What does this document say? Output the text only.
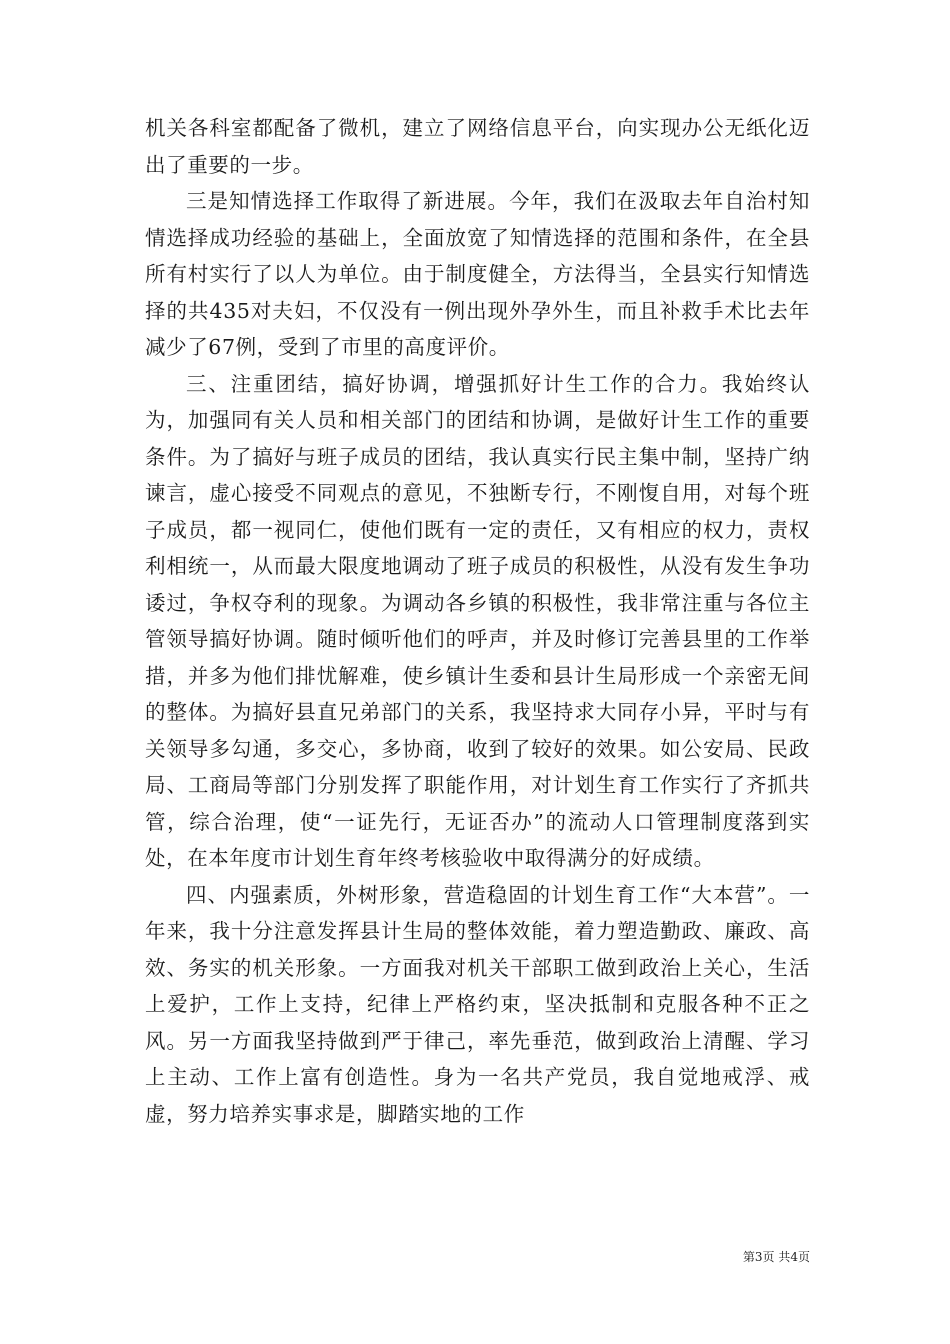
机关各科室都配备了微机，建立了网络信息平台，向实现办公无纸化迈出了重要的一步。

三是知情选择工作取得了新进展。今年，我们在汲取去年自治村知情选择成功经验的基础上，全面放宽了知情选择的范围和条件，在全县所有村实行了以人为单位。由于制度健全，方法得当，全县实行知情选择的共435对夫妇，不仅没有一例出现外孕外生，而且补救手术比去年减少了67例，受到了市里的高度评价。

三、注重团结，搞好协调，增强抓好计生工作的合力。我始终认为，加强同有关人员和相关部门的团结和协调，是做好计生工作的重要条件。为了搞好与班子成员的团结，我认真实行民主集中制，坚持广纳谏言，虚心接受不同观点的意见，不独断专行，不刚愎自用，对每个班子成员，都一视同仁，使他们既有一定的责任，又有相应的权力，责权利相统一，从而最大限度地调动了班子成员的积极性，从没有发生争功诿过，争权夺利的现象。为调动各乡镇的积极性，我非常注重与各位主管领导搞好协调。随时倾听他们的呼声，并及时修订完善县里的工作举措，并多为他们排忧解难，使乡镇计生委和县计生局形成一个亲密无间的整体。为搞好县直兄弟部门的关系，我坚持求大同存小异，平时与有关领导多勾通，多交心，多协商，收到了较好的效果。如公安局、民政局、工商局等部门分别发挥了职能作用，对计划生育工作实行了齐抓共管，综合治理，使“一证先行，无证否办”的流动人口管理制度落到实处，在本年度市计划生育年终考核验收中取得满分的好成绩。

四、内强素质，外树形象，营造稳固的计划生育工作“大本营”。一年来，我十分注意发挥县计生局的整体效能，着力塑造勤政、廉政、高效、务实的机关形象。一方面我对机关干部职工做到政治上关心，生活上爱护，工作上支持，纪律上严格约束，坚决抵制和克服各种不正之风。另一方面我坚持做到严于律己，率先垂范，做到政治上清醒、学习上主动、工作上富有创造性。身为一名共产党员，我自觉地戒浮、戒虚，努力培养实事求是，脚踏实地的工作

第3页 共4页
